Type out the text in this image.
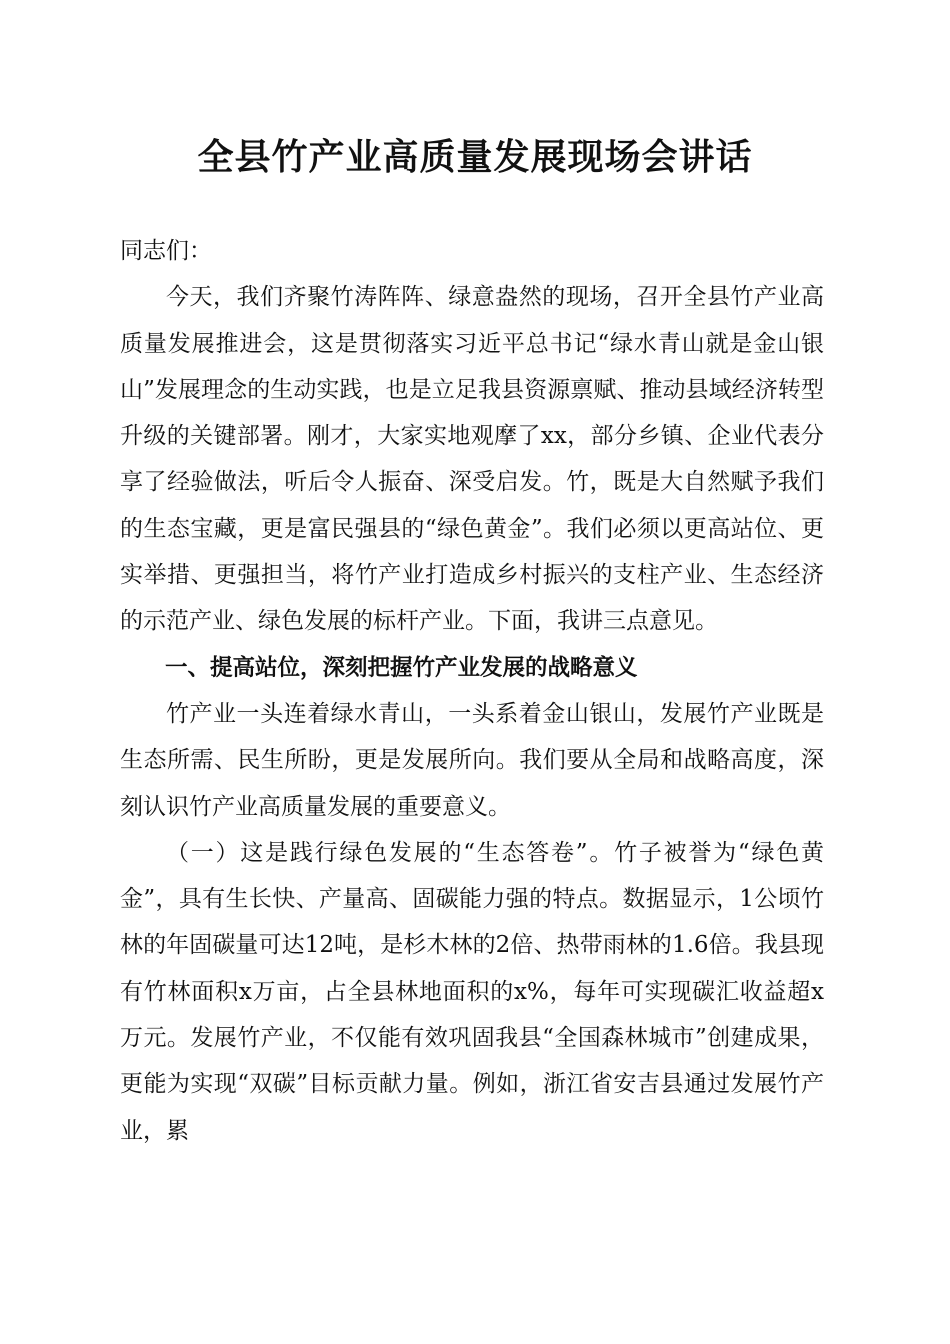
全县竹产业高质量发展现场会讲话

同志们：

今天，我们齐聚竹涛阵阵、绿意盎然的现场，召开全县竹产业高质量发展推进会，这是贯彻落实习近平总书记“绿水青山就是金山银山”发展理念的生动实践，也是立足我县资源禀赋、推动县域经济转型升级的关键部署。刚才，大家实地观摩了xx，部分乡镇、企业代表分享了经验做法，听后令人振奋、深受启发。竹，既是大自然赋予我们的生态宝藏，更是富民强县的“绿色黄金”。我们必须以更高站位、更实举措、更强担当，将竹产业打造成乡村振兴的支柱产业、生态经济的示范产业、绿色发展的标杆产业。下面，我讲三点意见。

一、提高站位，深刻把握竹产业发展的战略意义

竹产业一头连着绿水青山，一头系着金山银山，发展竹产业既是生态所需、民生所盼，更是发展所向。我们要从全局和战略高度，深刻认识竹产业高质量发展的重要意义。

（一）这是践行绿色发展的“生态答卷”。竹子被誉为“绿色黄金”，具有生长快、产量高、固碳能力强的特点。数据显示，1公顷竹林的年固碳量可达12吨，是杉木林的2倍、热带雨林的1.6倍。我县现有竹林面积x万亩，占全县林地面积的x%，每年可实现碳汇收益超x万元。发展竹产业，不仅能有效巩固我县“全国森林城市”创建成果，更能为实现“双碳”目标贡献力量。例如，浙江省安吉县通过发展竹产业，累
